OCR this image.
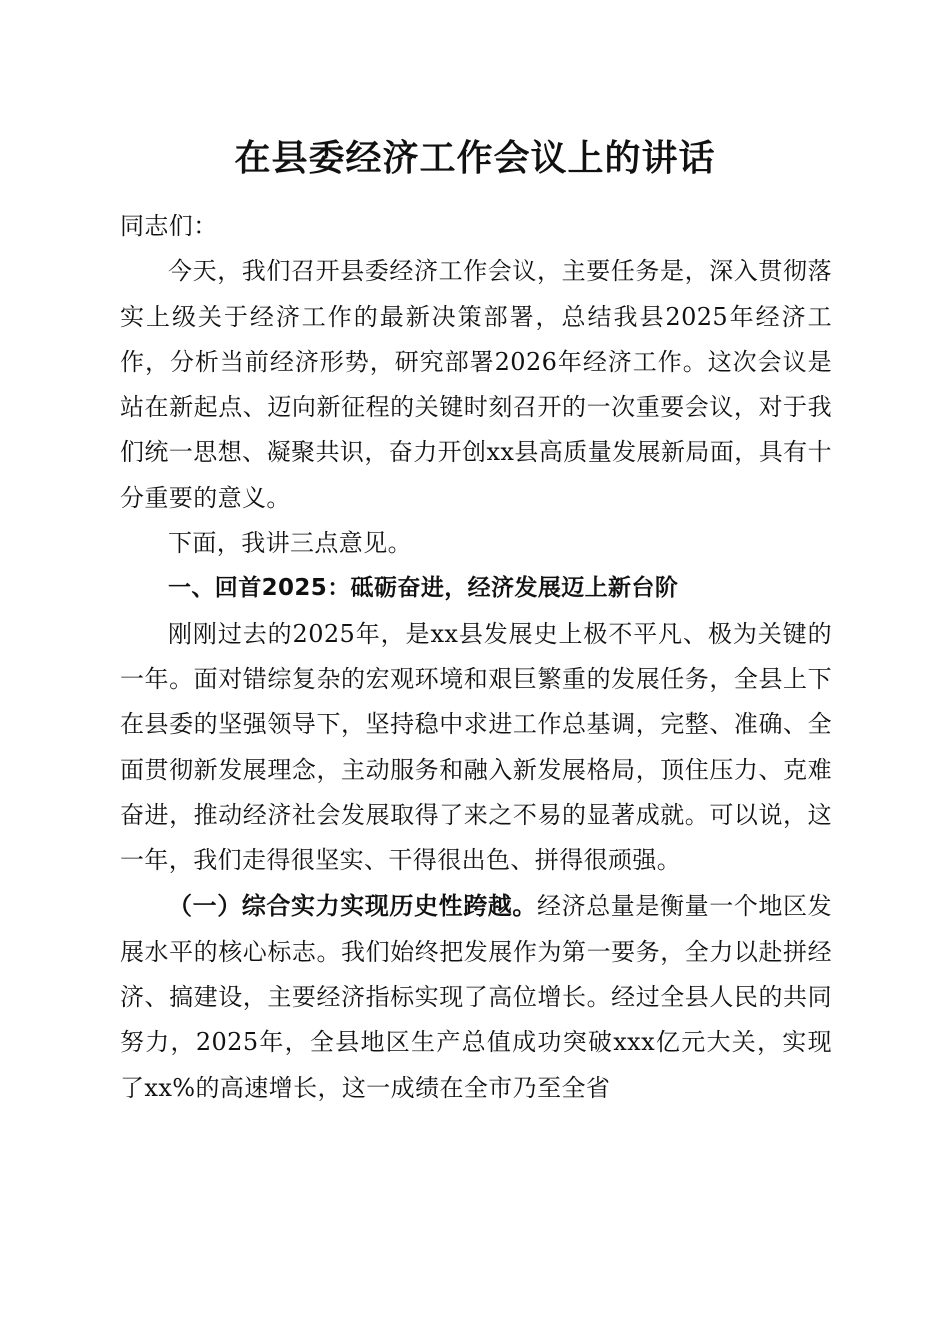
在县委经济工作会议上的讲话

同志们：

今天，我们召开县委经济工作会议，主要任务是，深入贯彻落实上级关于经济工作的最新决策部署，总结我县2025年经济工作，分析当前经济形势，研究部署2026年经济工作。这次会议是站在新起点、迈向新征程的关键时刻召开的一次重要会议，对于我们统一思想、凝聚共识，奋力开创xx县高质量发展新局面，具有十分重要的意义。

下面，我讲三点意见。

一、回首2025：砥砺奋进，经济发展迈上新台阶

刚刚过去的2025年，是xx县发展史上极不平凡、极为关键的一年。面对错综复杂的宏观环境和艰巨繁重的发展任务，全县上下在县委的坚强领导下，坚持稳中求进工作总基调，完整、准确、全面贯彻新发展理念，主动服务和融入新发展格局，顶住压力、克难奋进，推动经济社会发展取得了来之不易的显著成就。可以说，这一年，我们走得很坚实、干得很出色、拼得很顽强。

（一）综合实力实现历史性跨越。经济总量是衡量一个地区发展水平的核心标志。我们始终把发展作为第一要务，全力以赴拼经济、搞建设，主要经济指标实现了高位增长。经过全县人民的共同努力，2025年，全县地区生产总值成功突破xxx亿元大关，实现了xx%的高速增长，这一成绩在全市乃至全省
